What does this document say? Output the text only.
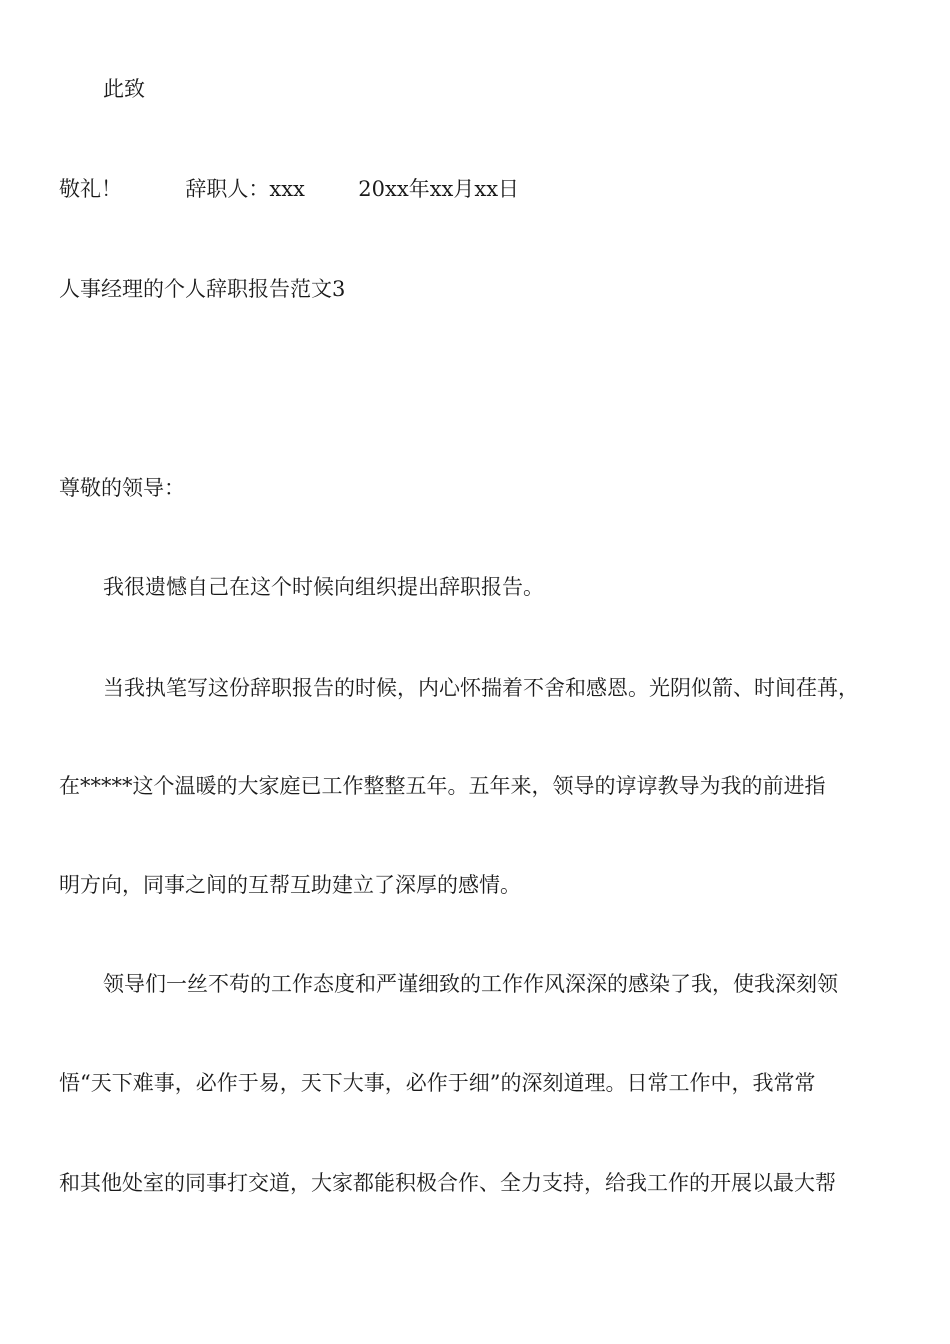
此致
敬礼！	辞职人：xxx	20xx年xx月xx日
人事经理的个人辞职报告范文3
尊敬的领导：
我很遗憾自己在这个时候向组织提出辞职报告。
当我执笔写这份辞职报告的时候，内心怀揣着不舍和感恩。光阴似箭、时间荏苒，
在*****这个温暖的大家庭已工作整整五年。五年来，领导的谆谆教导为我的前进指
明方向，同事之间的互帮互助建立了深厚的感情。
领导们一丝不苟的工作态度和严谨细致的工作作风深深的感染了我，使我深刻领
悟“天下难事，必作于易，天下大事，必作于细”的深刻道理。日常工作中，我常常
和其他处室的同事打交道，大家都能积极合作、全力支持，给我工作的开展以最大帮
